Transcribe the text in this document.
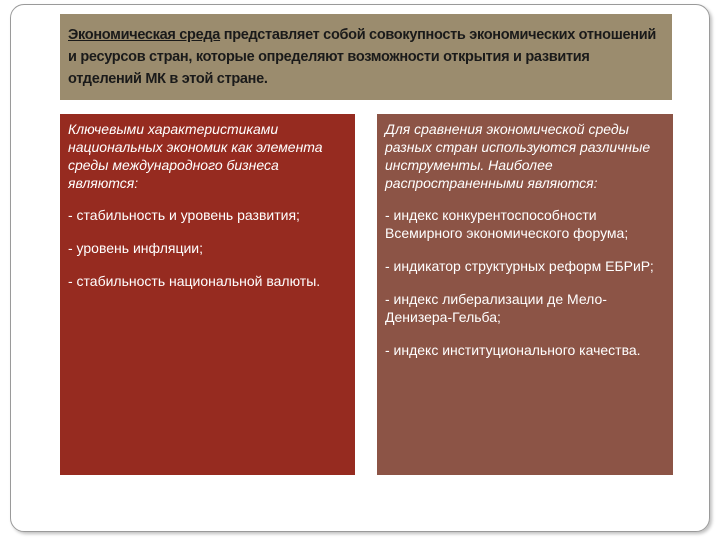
Экономическая среда представляет собой совокупность экономических отношений и ресурсов стран, которые определяют возможности открытия и развития отделений МК в этой стране.

Ключевыми характеристиками национальных экономик как элемента среды международного бизнеса являются:

- стабильность и уровень развития;

- уровень инфляции;

- стабильность национальной валюты.

Для сравнения экономической среды разных стран используются различные инструменты. Наиболее распространенными являются:

- индекс конкурентоспособности Всемирного экономического форума;

- индикатор структурных реформ ЕБРиР;

- индекс либерализации де Мело-Денизера-Гельба;

- индекс институционального качества.
